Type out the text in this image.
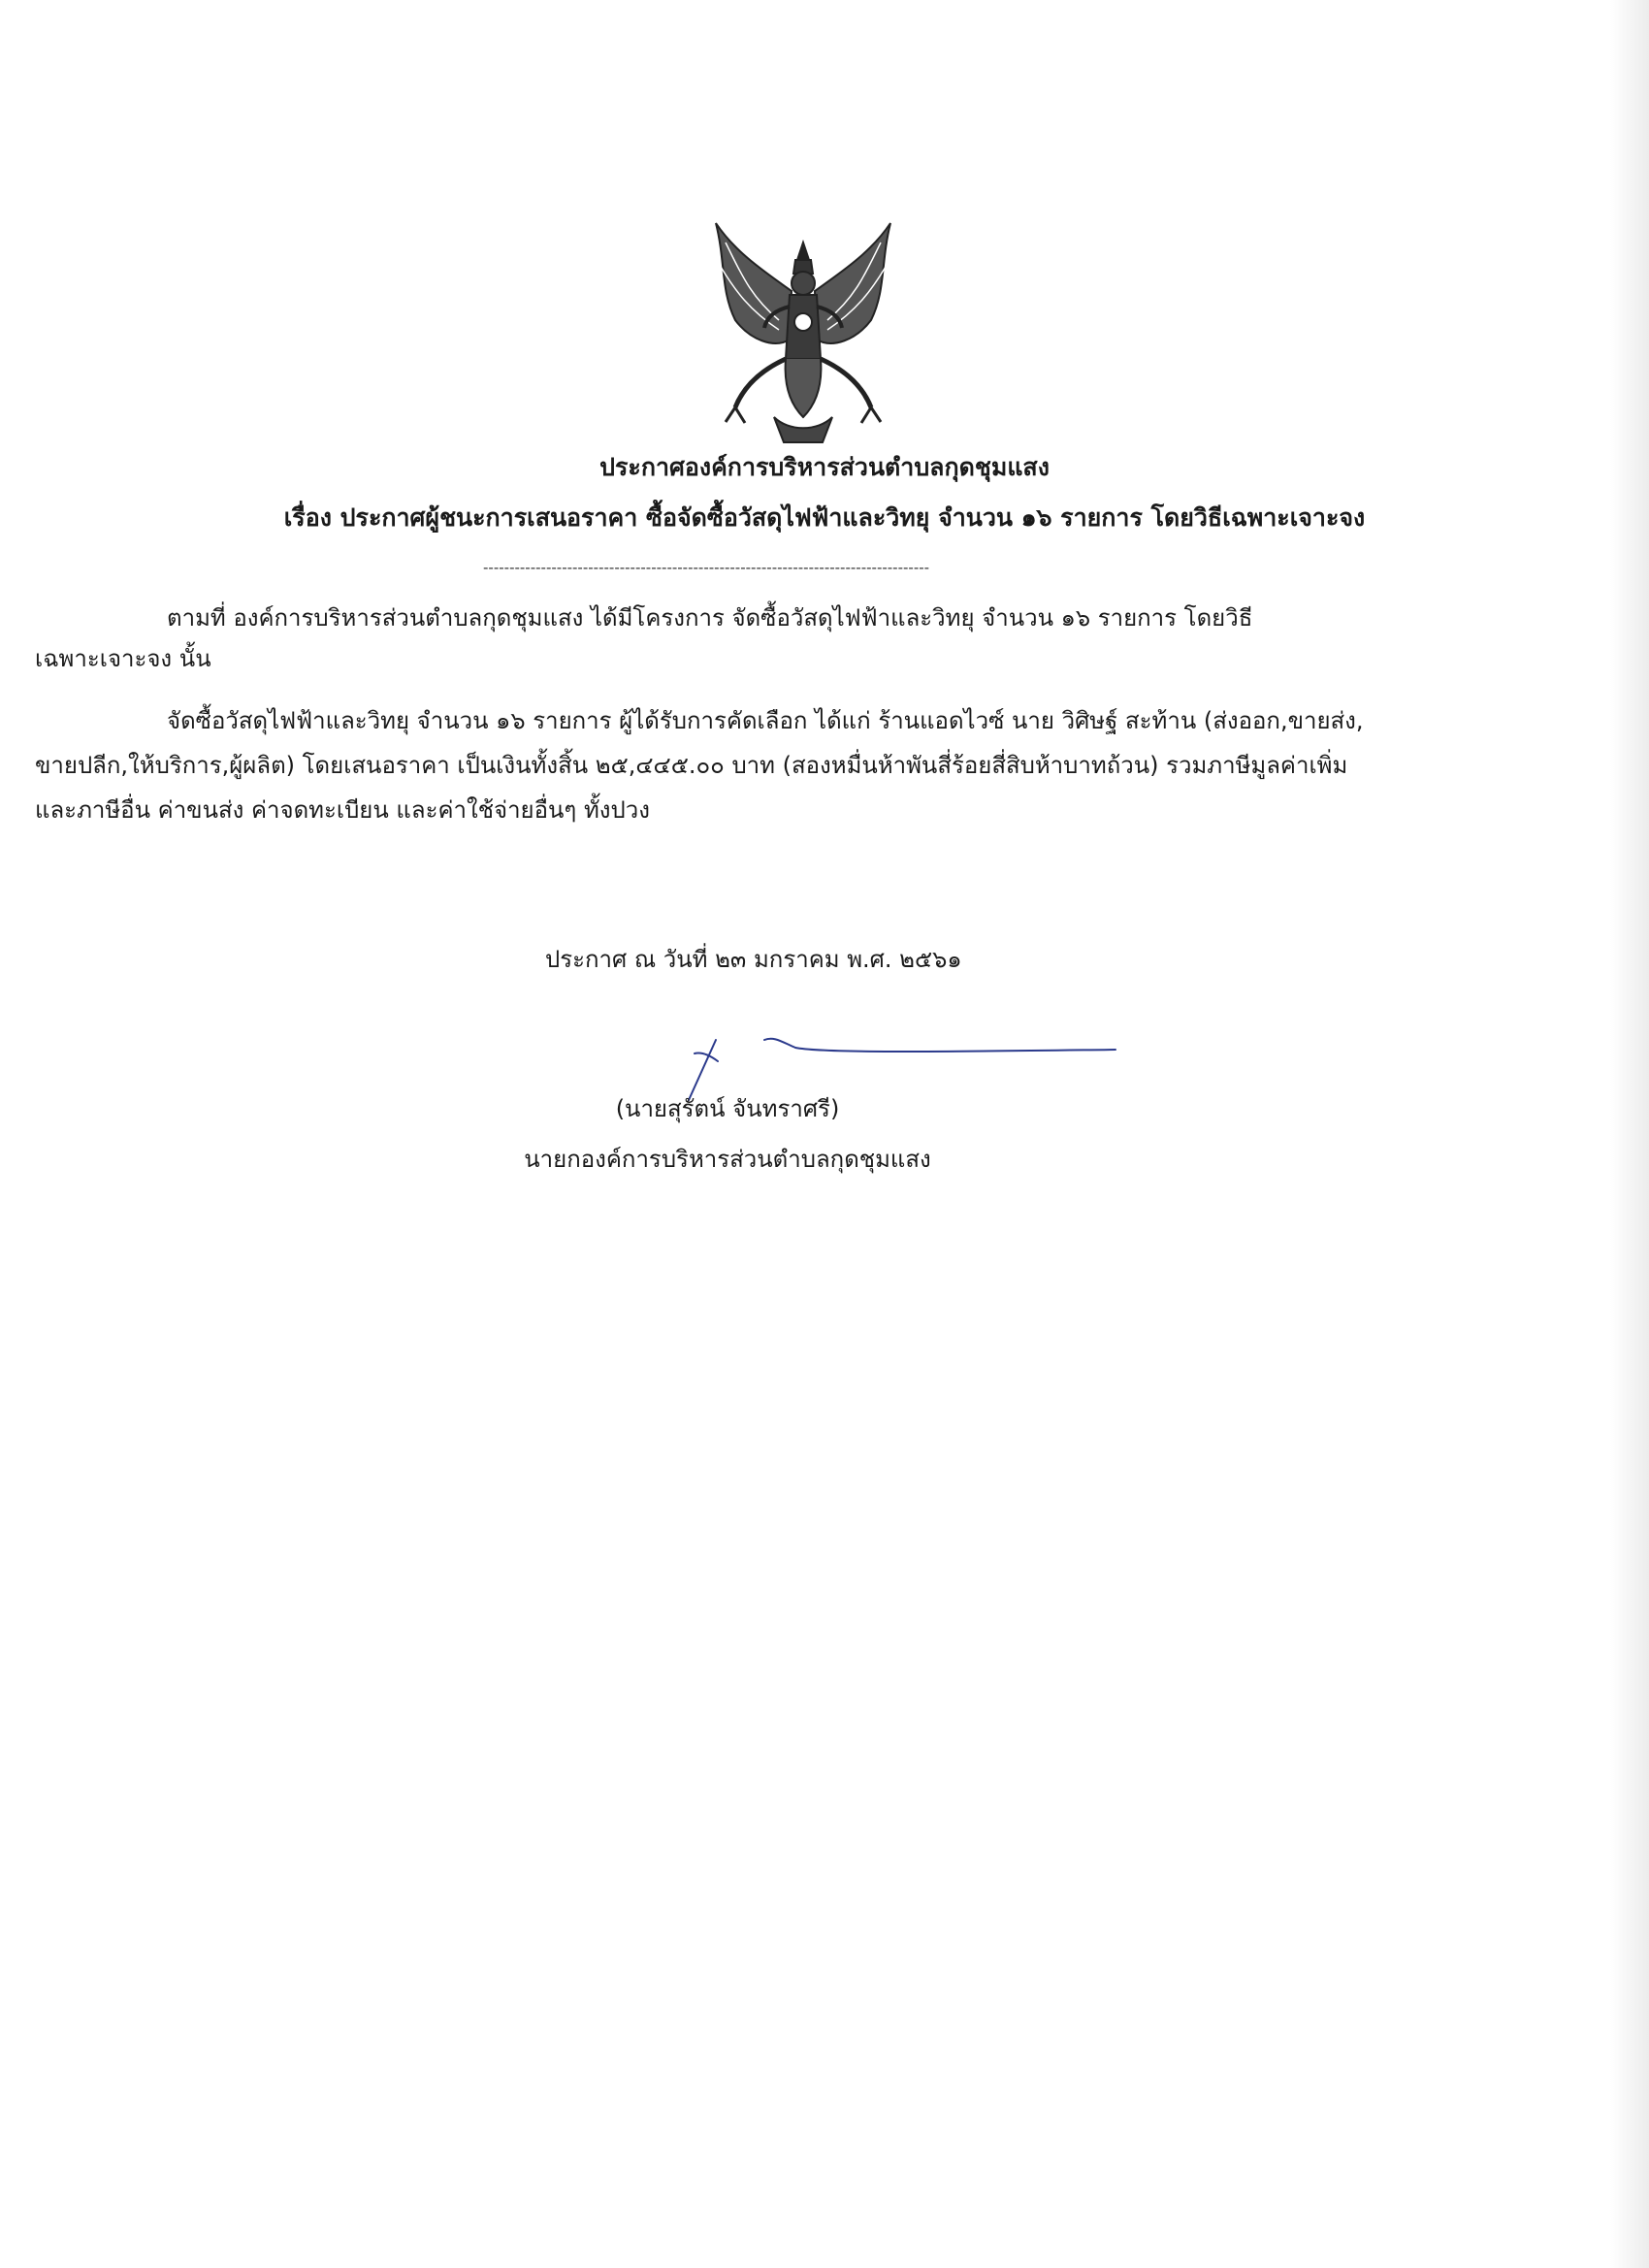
ประกาศองค์การบริหารส่วนตำบลกุดชุมแสง
เรื่อง ประกาศผู้ชนะการเสนอราคา ซื้อจัดซื้อวัสดุไฟฟ้าและวิทยุ จำนวน ๑๖ รายการ โดยวิธีเฉพาะเจาะจง
-------------------------------------------------------------------------------------
ตามที่ องค์การบริหารส่วนตำบลกุดชุมแสง ได้มีโครงการ จัดซื้อวัสดุไฟฟ้าและวิทยุ จำนวน ๑๖ รายการ โดยวิธี
เฉพาะเจาะจง นั้น
จัดซื้อวัสดุไฟฟ้าและวิทยุ จำนวน ๑๖ รายการ ผู้ได้รับการคัดเลือก ได้แก่ ร้านแอดไวซ์ นาย วิศิษฐ์ สะท้าน (ส่งออก,ขายส่ง,
ขายปลีก,ให้บริการ,ผู้ผลิต) โดยเสนอราคา เป็นเงินทั้งสิ้น ๒๕,๔๔๕.๐๐ บาท (สองหมื่นห้าพันสี่ร้อยสี่สิบห้าบาทถ้วน) รวมภาษีมูลค่าเพิ่ม
และภาษีอื่น ค่าขนส่ง ค่าจดทะเบียน และค่าใช้จ่ายอื่นๆ ทั้งปวง
ประกาศ ณ วันที่ ๒๓ มกราคม พ.ศ. ๒๕๖๑
(นายสุรัตน์ จันทราศรี)
นายกองค์การบริหารส่วนตำบลกุดชุมแสง
